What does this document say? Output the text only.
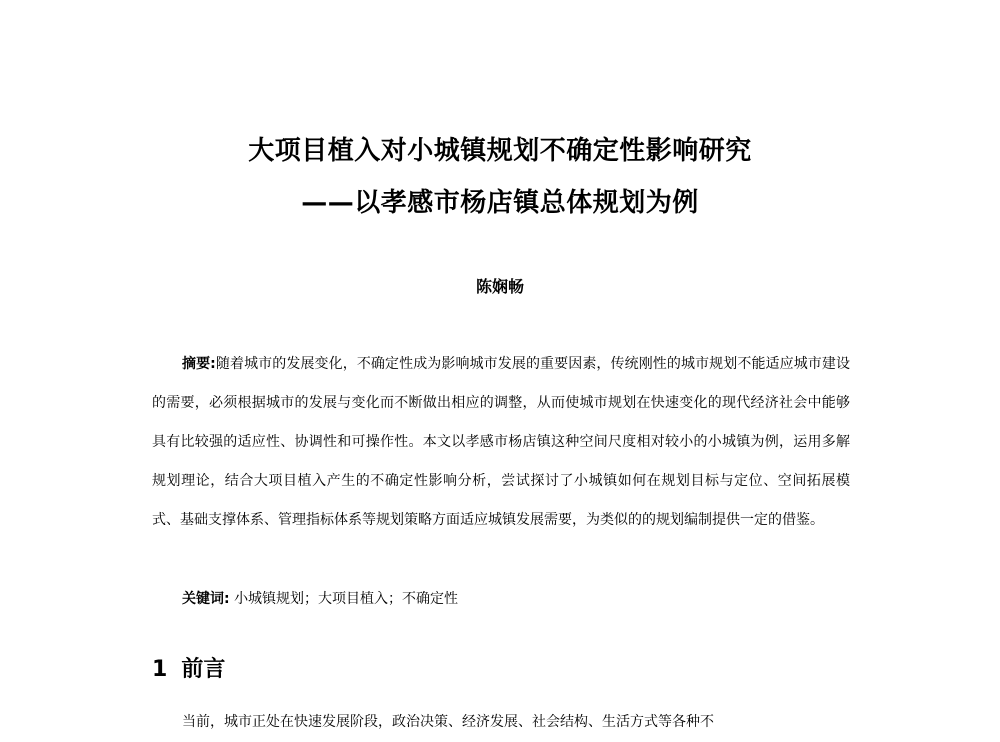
大项目植入对小城镇规划不确定性影响研究
——以孝感市杨店镇总体规划为例
陈娴畅
摘要:随着城市的发展变化，不确定性成为影响城市发展的重要因素，传统刚性的城市规划不能适应城市建设的需要，必须根据城市的发展与变化而不断做出相应的调整，从而使城市规划在快速变化的现代经济社会中能够具有比较强的适应性、协调性和可操作性。本文以孝感市杨店镇这种空间尺度相对较小的小城镇为例，运用多解规划理论，结合大项目植入产生的不确定性影响分析，尝试探讨了小城镇如何在规划目标与定位、空间拓展模式、基础支撑体系、管理指标体系等规划策略方面适应城镇发展需要，为类似的的规划编制提供一定的借鉴。
关键词: 小城镇规划；大项目植入；不确定性
1 前言
当前，城市正处在快速发展阶段，政治决策、经济发展、社会结构、生活方式等各种不
